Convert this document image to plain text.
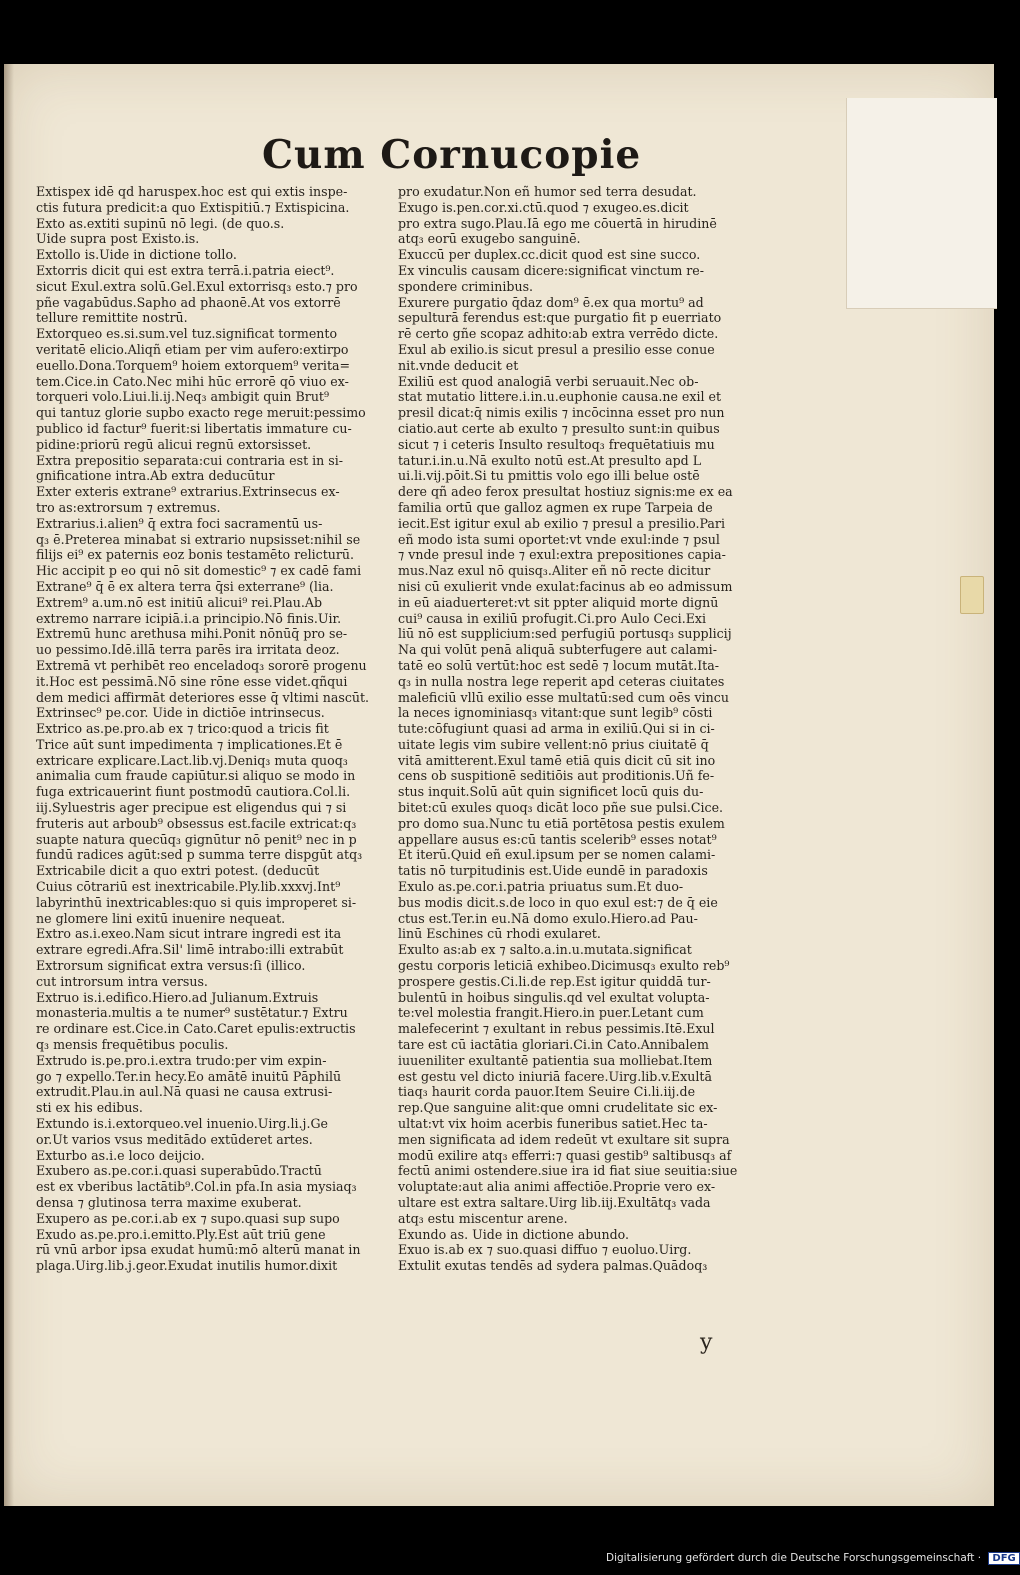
Cum Cornucopie
Extispex idē qd haruspex.hoc est qui extis inspe-
ctis futura predicit:a quo Extispitiū.⁊ Extispicina.
Exto as.extiti supinū nō legi. (de quo.s.
Uide supra post Existo.is.
Extollo is.Uide in dictione tollo.
Extorris dicit qui est extra terrā.i.patria eiect⁹.
sicut Exul.extra solū.Gel.Exul extorrisq₃ esto.⁊ pro
pñe vagabūdus.Sapho ad phaonē.At vos extorrē
tellure remittite nostrū.
Extorqueo es.si.sum.vel tuz.significat tormento
veritatē elicio.Aliqñ etiam per vim aufero:extirpo
euello.Dona.Torquem⁹ hoiem extorquem⁹ verita=
tem.Cice.in Cato.Nec mihi hūc errorē qō viuo ex-
torqueri volo.Liui.li.ij.Neq₃ ambigit quin Brut⁹
qui tantuz glorie supbo exacto rege meruit:pessimo
publico id factur⁹ fuerit:si libertatis immature cu-
pidine:priorū regū alicui regnū extorsisset.
Extra prepositio separata:cui contraria est in si-
gnificatione intra.Ab extra deducūtur
Exter exteris extrane⁹ extrarius.Extrinsecus ex-
tro as:extrorsum ⁊ extremus.
Extrarius.i.alien⁹ q̄ extra foci sacramentū us-
q₃ ē.Preterea minabat si extrario nupsisset:nihil se
filijs ei⁹ ex paternis eoz bonis testamēto relicturū.
Hic accipit p eo qui nō sit domestic⁹ ⁊ ex cadē fami
Extrane⁹ q̄ ē ex altera terra q̄si exterrane⁹ (lia.
Extrem⁹ a.um.nō est initiū alicui⁹ rei.Plau.Ab
extremo narrare icipiā.i.a principio.Nō finis.Uir.
Extremū hunc arethusa mihi.Ponit nōnūq̄ pro se-
uo pessimo.Idē.illā terra parēs ira irritata deoz.
Extremā vt perhibēt reo enceladoq₃ sororē progenu
it.Hoc est pessimā.Nō sine rōne esse videt.qñqui
dem medici affirmāt deteriores esse q̄ vltimi nascūt.
Extrinsec⁹ pe.cor. Uide in dictiōe intrinsecus.
Extrico as.pe.pro.ab ex ⁊ trico:quod a tricis fit
Trice aūt sunt impedimenta ⁊ implicationes.Et ē
extricare explicare.Lact.lib.vj.Deniq₃ muta quoq₃
animalia cum fraude capiūtur.si aliquo se modo in
fuga extricauerint fiunt postmodū cautiora.Col.li.
iij.Syluestris ager precipue est eligendus qui ⁊ si
fruteris aut arboub⁹ obsessus est.facile extricat:q₃
suapte natura quecūq₃ gignūtur nō penit⁹ nec in p
fundū radices agūt:sed p summa terre dispgūt atq₃
Extricabile dicit a quo extri potest. (deducūt
Cuius cōtrariū est inextricabile.Ply.lib.xxxvj.Int⁹
labyrinthū inextricables:quo si quis improperet si-
ne glomere lini exitū inuenire nequeat.
Extro as.i.exeo.Nam sicut intrare ingredi est ita
extrare egredi.Afra.Sil' limē intrabo:illi extrabūt
Extrorsum significat extra versus:ſi (illico.
cut introrsum intra versus.
Extruo is.i.edifico.Hiero.ad Julianum.Extruis
monasteria.multis a te numer⁹ sustētatur.⁊ Extru
re ordinare est.Cice.in Cato.Caret epulis:extructis
q₃ mensis frequētibus poculis.
Extrudo is.pe.pro.i.extra trudo:per vim expin-
go ⁊ expello.Ter.in hecy.Eo amātē inuitū Pāphilū
extrudit.Plau.in aul.Nā quasi ne causa extrusi-
sti ex his edibus.
Extundo is.i.extorqueo.vel inuenio.Uirg.li.j.Ge
or.Ut varios vsus meditādo extūderet artes.
Exturbo as.i.e loco deijcio.
Exubero as.pe.cor.i.quasi superabūdo.Tractū
est ex vberibus lactātib⁹.Col.in pfa.In asia mysiaq₃
densa ⁊ glutinosa terra maxime exuberat.
Exupero as pe.cor.i.ab ex ⁊ supo.quasi sup supo
Exudo as.pe.pro.i.emitto.Ply.Est aūt triū gene
rū vnū arbor ipsa exudat humū:mō alterū manat in
plaga.Uirg.lib.j.geor.Exudat inutilis humor.dixit
pro exudatur.Non eñ humor sed terra desudat.
Exugo is.pen.cor.xi.ctū.quod ⁊ exugeo.es.dicit
pro extra sugo.Plau.Iā ego me cōuertā in hirudinē
atq₃ eorū exugebo sanguinē.
Exuccū per duplex.cc.dicit quod est sine succo.
Ex vinculis causam dicere:significat vinctum re-
spondere criminibus.
Exurere purgatio q̄daz dom⁹ ē.ex qua mortu⁹ ad
sepulturā ferendus est:que purgatio fit p euerriato
rē certo gñe scopaz adhito:ab extra verrēdo dicte.
Exul ab exilio.is sicut presul a presilio esse conue
nit.vnde deducit et
Exiliū est quod analogiā verbi seruauit.Nec ob-
stat mutatio littere.i.in.u.euphonie causa.ne exil et
presil dicat:q̄ nimis exilis ⁊ incōcinna esset pro nun
ciatio.aut certe ab exulto ⁊ presulto sunt:in quibus
sicut ⁊ i ceteris Insulto resultoq₃ frequētatiuis mu
tatur.i.in.u.Nā exulto notū est.At presulto apd L
ui.li.vij.pōit.Si tu pmittis volo ego illi belue ostē
dere qñ adeo ferox presultat hostiuz signis:me ex ea
familia ortū que galloz agmen ex rupe Tarpeia de
iecit.Est igitur exul ab exilio ⁊ presul a presilio.Pari
eñ modo ista sumi oportet:vt vnde exul:inde ⁊ psul
⁊ vnde presul inde ⁊ exul:extra prepositiones capia-
mus.Naz exul nō quisq₃.Aliter eñ nō recte dicitur
nisi cū exulierit vnde exulat:facinus ab eo admissum
in eū aiaduerteret:vt sit ppter aliquid morte dignū
cui⁹ causa in exiliū profugit.Ci.pro Aulo Ceci.Exi
liū nō est supplicium:sed perfugiū portusq₃ supplicij
Na qui volūt penā aliquā subterfugere aut calami-
tatē eo solū vertūt:hoc est sedē ⁊ locum mutāt.Ita-
q₃ in nulla nostra lege reperit apd ceteras ciuitates
maleficiū vllū exilio esse multatū:sed cum oēs vincu
la neces ignominiasq₃ vitant:que sunt legib⁹ cōsti
tute:cōfugiunt quasi ad arma in exiliū.Qui si in ci-
uitate legis vim subire vellent:nō prius ciuitatē q̄
vitā amitterent.Exul tamē etiā quis dicit cū sit ino
cens ob suspitionē seditiōis aut proditionis.Uñ fe-
stus inquit.Solū aūt quin significet locū quis du-
bitet:cū exules quoq₃ dicāt loco pñe sue pulsi.Cice.
pro domo sua.Nunc tu etiā portētosa pestis exulem
appellare ausus es:cū tantis scelerib⁹ esses notat⁹
Et iterū.Quid eñ exul.ipsum per se nomen calami-
tatis nō turpitudinis est.Uide eundē in paradoxis
Exulo as.pe.cor.i.patria priuatus sum.Et duo-
bus modis dicit.s.de loco in quo exul est:⁊ de q̄ eie
ctus est.Ter.in eu.Nā domo exulo.Hiero.ad Pau-
linū Eschines cū rhodi exularet.
Exulto as:ab ex ⁊ salto.a.in.u.mutata.significat
gestu corporis leticiā exhibeo.Dicimusq₃ exulto reb⁹
prospere gestis.Ci.li.de rep.Est igitur quiddā tur-
bulentū in hoibus singulis.qd vel exultat volupta-
te:vel molestia frangit.Hiero.in puer.Letant cum
malefecerint ⁊ exultant in rebus pessimis.Itē.Exul
tare est cū iactātia gloriari.Ci.in Cato.Annibalem
iuueniliter exultantē patientia sua molliebat.Item
est gestu vel dicto iniuriā facere.Uirg.lib.v.Exultā
tiaq₃ haurit corda pauor.Item Seuire Ci.li.iij.de
rep.Que sanguine alit:que omni crudelitate sic ex-
ultat:vt vix hoim acerbis funeribus satiet.Hec ta-
men significata ad idem redeūt vt exultare sit supra
modū exilire atq₃ efferri:⁊ quasi gestib⁹ saltibusq₃ af
fectū animi ostendere.siue ira id fiat siue seuitia:siue
voluptate:aut alia animi affectiōe.Proprie vero ex-
ultare est extra saltare.Uirg lib.iij.Exultātq₃ vada
atq₃ estu miscentur arene.
Exundo as. Uide in dictione abundo.
Exuo is.ab ex ⁊ suo.quasi diffuo ⁊ euoluo.Uirg.
Extulit exutas tendēs ad sydera palmas.Quādoq₃
y
Digitalisierung gefördert durch die Deutsche Forschungsgemeinschaft · DFG
